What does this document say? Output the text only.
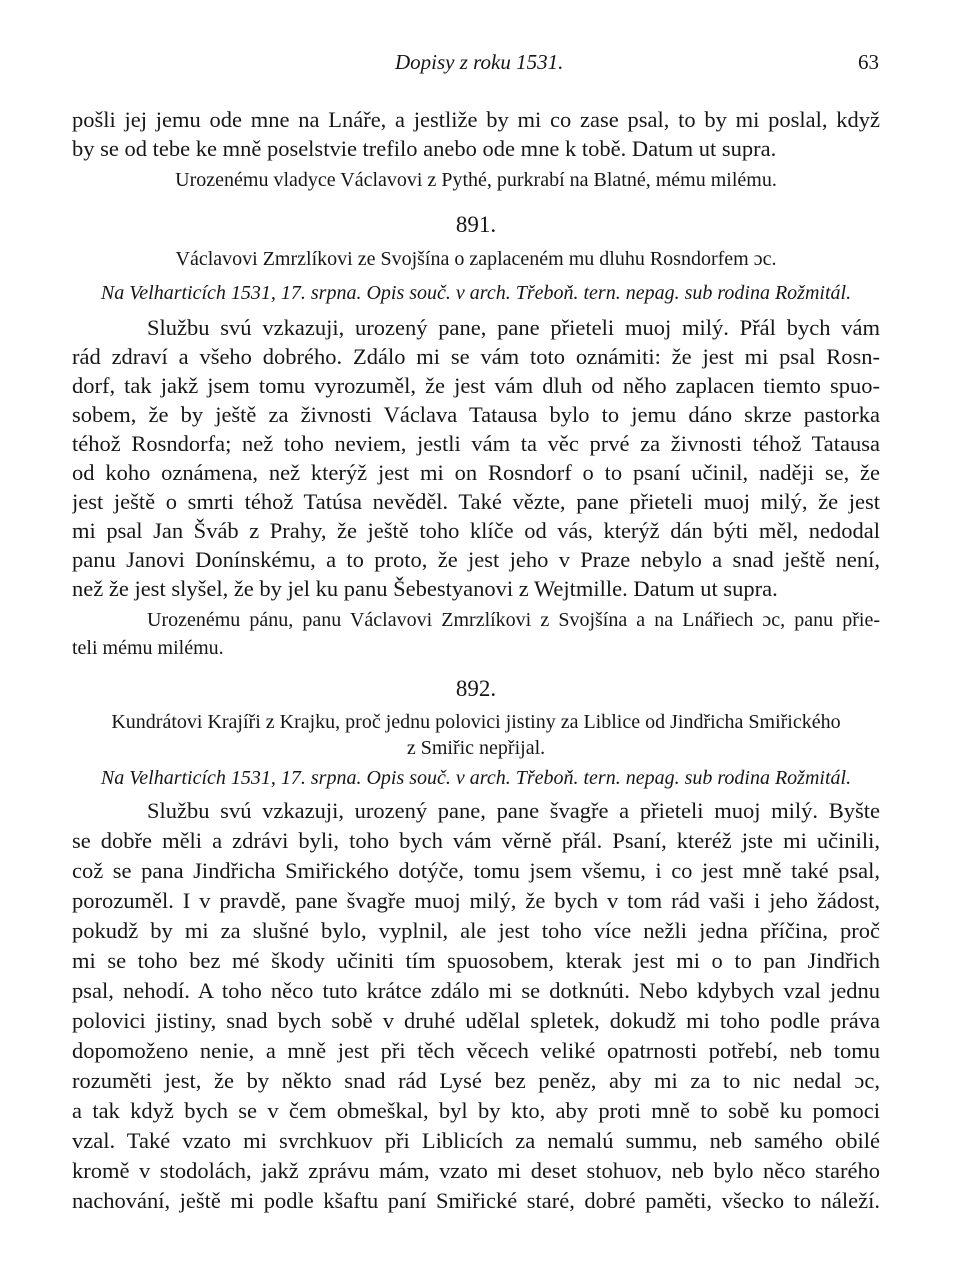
Dopisy z roku 1531.	63
pošli jej jemu ode mne na Lnáře, a jestliže by mi co zase psal, to by mi poslal, když
by se od tebe ke mně poselstvie trefilo anebo ode mne k tobě. Datum ut supra.
Urozenému vladyce Václavovi z Pythé, purkrabí na Blatné, mému milému.
891.
Václavovi Zmrzlíkovi ze Svojšína o zaplaceném mu dluhu Rosndorfem ɔc.
Na Velharticích 1531, 17. srpna. Opis souč. v arch. Třeboň. tern. nepag. sub rodina Rožmitál.
Službu svú vzkazuji, urozený pane, pane přieteli muoj milý. Přál bych vám
rád zdraví a všeho dobrého. Zdálo mi se vám toto oznámiti: že jest mi psal Rosn-
dorf, tak jakž jsem tomu vyrozuměl, že jest vám dluh od něho zaplacen tiemto spuo-
sobem, že by ještě za živnosti Václava Tatausa bylo to jemu dáno skrze pastorka
téhož Rosndorfa; než toho neviem, jestli vám ta věc prvé za živnosti téhož Tatausa
od koho oznámena, než kterýž jest mi on Rosndorf o to psaní učinil, naději se, že
jest ještě o smrti téhož Tatúsa nevěděl. Také vězte, pane přieteli muoj milý, že jest
mi psal Jan Šváb z Prahy, že ještě toho klíče od vás, kterýž dán býti měl, nedodal
panu Janovi Donínskému, a to proto, že jest jeho v Praze nebylo a snad ještě není,
než že jest slyšel, že by jel ku panu Šebestyanovi z Wejtmille. Datum ut supra.
Urozenému pánu, panu Václavovi Zmrzlíkovi z Svojšína a na Lnářiech ɔc, panu přie-
teli mému milému.
892.
Kundrátovi Krajíři z Krajku, proč jednu polovici jistiny za Liblice od Jindřicha Smiřického
z Smiřic nepřijal.
Na Velharticích 1531, 17. srpna. Opis souč. v arch. Třeboň. tern. nepag. sub rodina Rožmitál.
Službu svú vzkazuji, urozený pane, pane švagře a přieteli muoj milý. Byšte
se dobře měli a zdrávi byli, toho bych vám věrně přál. Psaní, kteréž jste mi učinili,
což se pana Jindřicha Smiřického dotýče, tomu jsem všemu, i co jest mně také psal,
porozuměl. I v pravdě, pane švagře muoj milý, že bych v tom rád vaši i jeho žádost,
pokudž by mi za slušné bylo, vyplnil, ale jest toho více nežli jedna příčina, proč
mi se toho bez mé škody učiniti tím spuosobem, kterak jest mi o to pan Jindřich
psal, nehodí. A toho něco tuto krátce zdálo mi se dotknúti. Nebo kdybych vzal jednu
polovici jistiny, snad bych sobě v druhé udělal spletek, dokudž mi toho podle práva
dopomoženo nenie, a mně jest při těch věcech veliké opatrnosti potřebí, neb tomu
rozuměti jest, že by někto snad rád Lysé bez peněz, aby mi za to nic nedal ɔc,
a tak když bych se v čem obmeškal, byl by kto, aby proti mně to sobě ku pomoci
vzal. Také vzato mi svrchkuov při Liblicích za nemalú summu, neb samého obilé
kromě v stodolách, jakž zprávu mám, vzato mi deset stohuov, neb bylo něco starého
nachování, ještě mi podle kšaftu paní Smiřické staré, dobré paměti, všecko to náleží.
